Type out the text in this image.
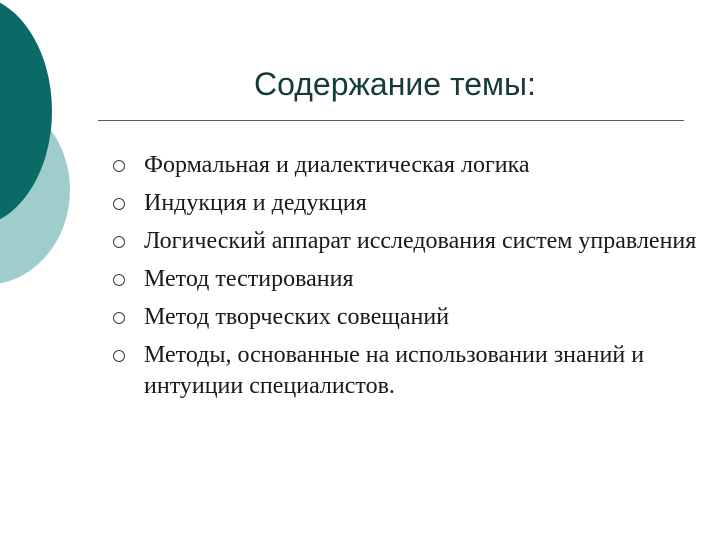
Содержание темы:
Формальная и диалектическая логика
Индукция и дедукция
Логический аппарат исследования систем управления
Метод тестирования
Метод творческих совещаний
Методы, основанные на использовании знаний и интуиции специалистов.
